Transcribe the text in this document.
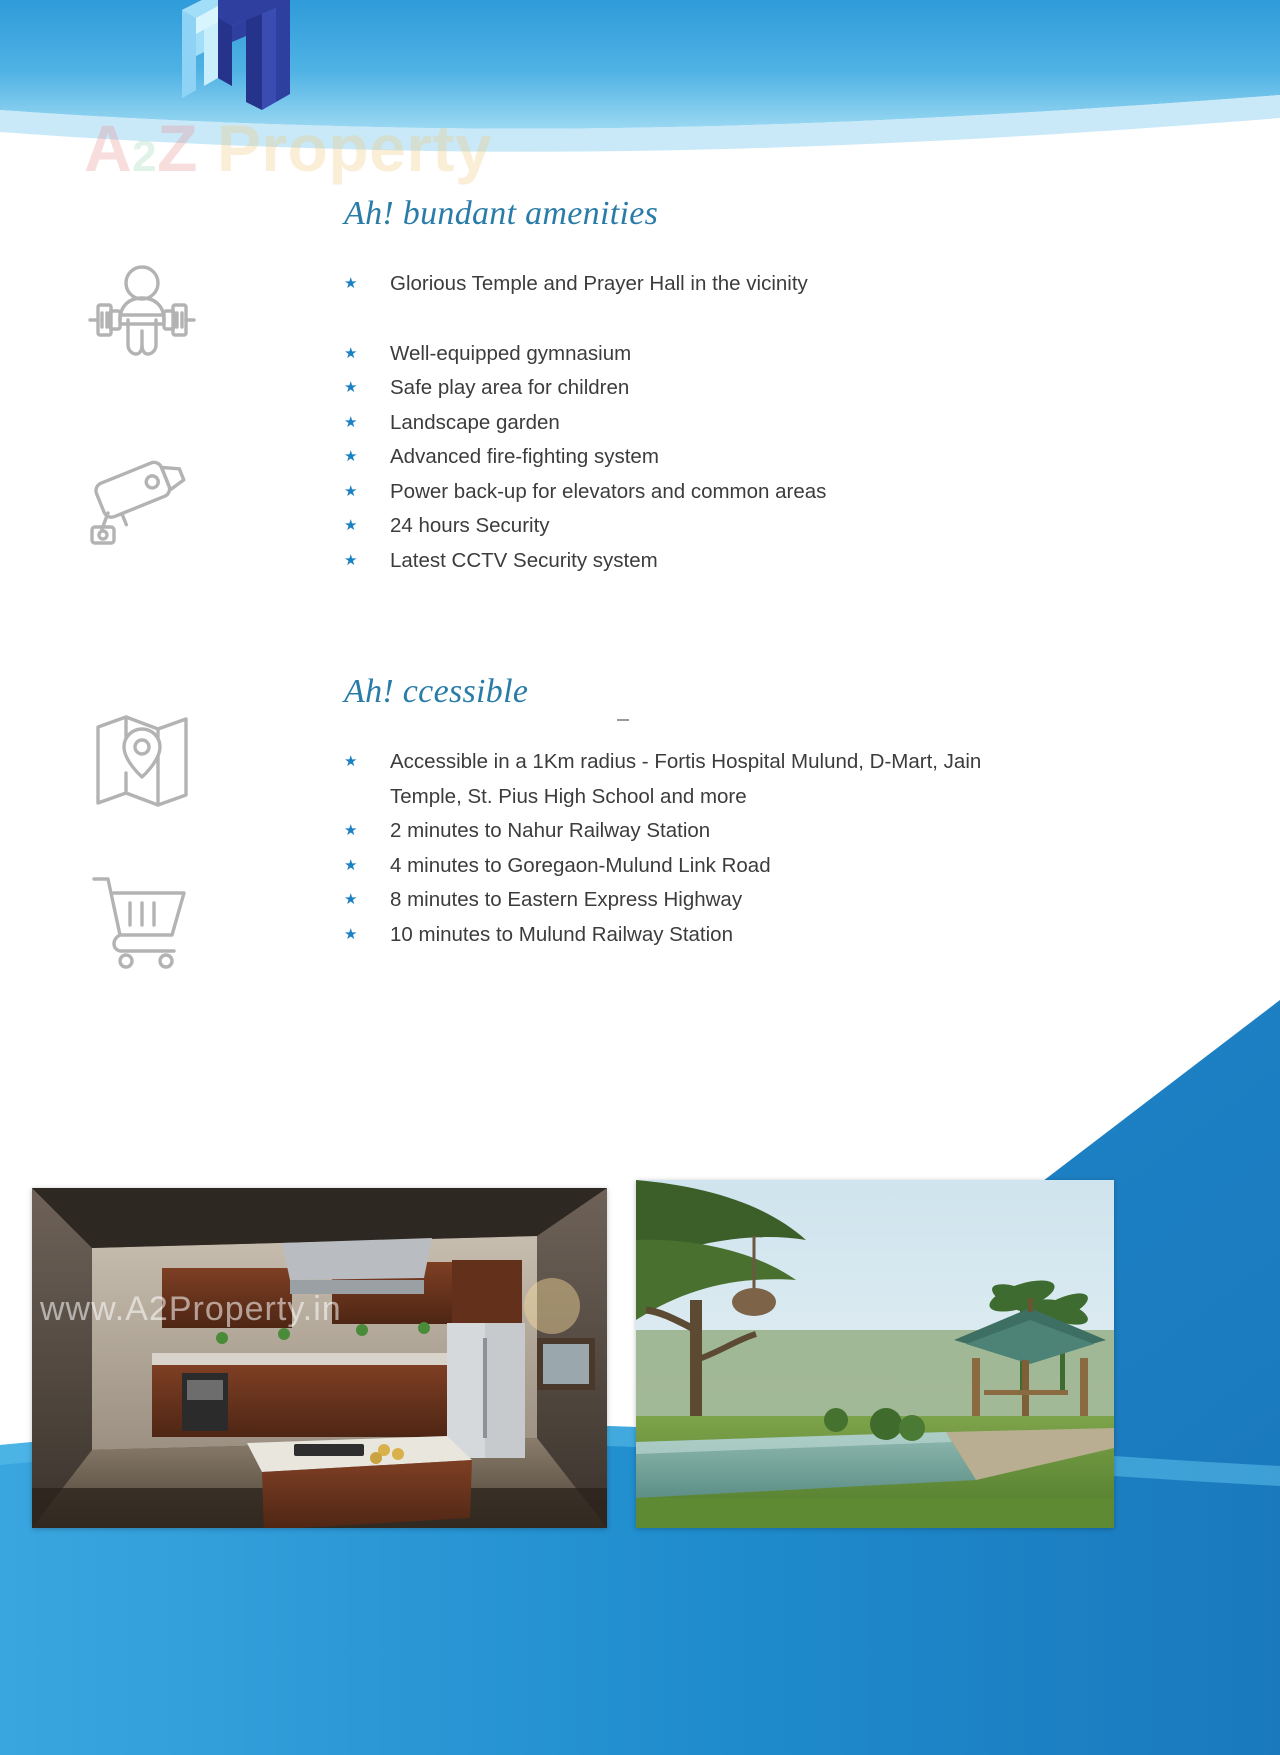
A2Z Property
Ah! bundant amenities
★	Glorious Temple and Prayer Hall in the vicinity
★	Well-equipped gymnasium
★	Safe play area for children
★	Landscape garden
★	Advanced fire-fighting system
★	Power back-up for elevators and common areas
★	24 hours Security
★	Latest CCTV Security system
Ah! ccessible
★	Accessible in a 1Km radius - Fortis Hospital Mulund, D-Mart, Jain Temple, St. Pius High School and more
★	2 minutes to Nahur Railway Station
★	4 minutes to Goregaon-Mulund Link Road
★	8 minutes to Eastern Express Highway
★	10 minutes to Mulund Railway Station
www.A2Property.in
